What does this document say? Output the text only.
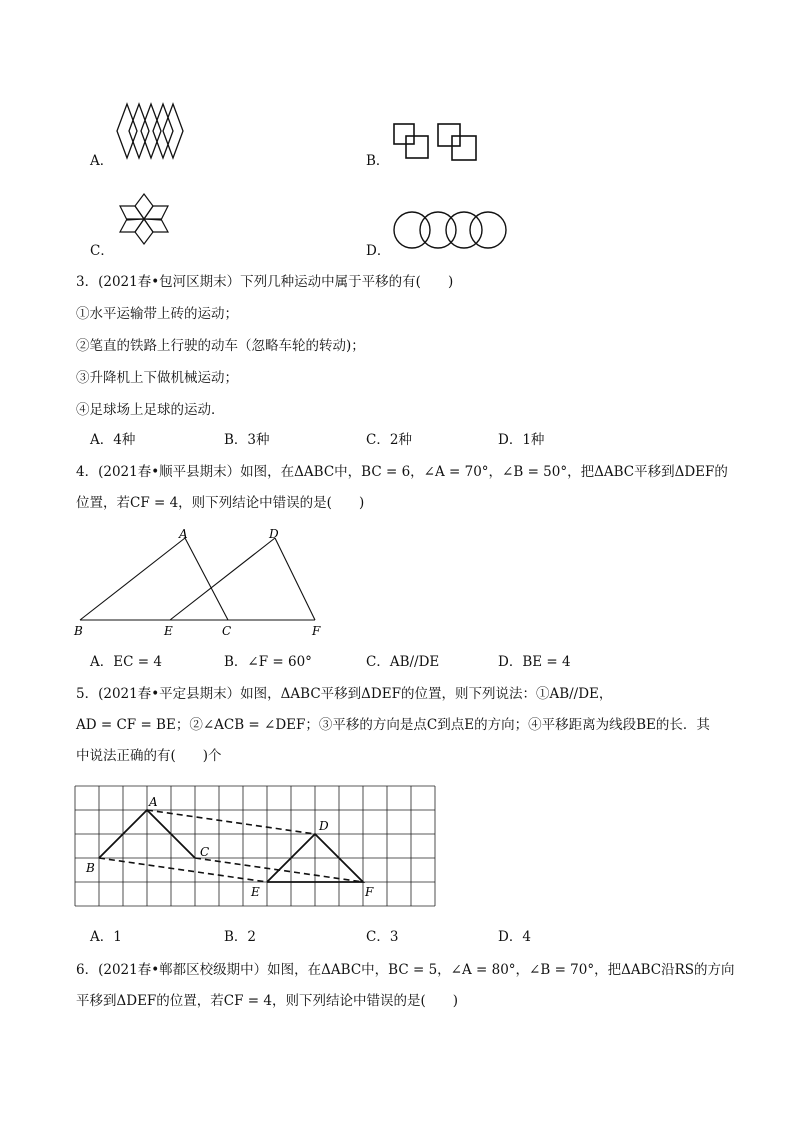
A．	B．
C．	D．
3．(2021春•包河区期末）下列几种运动中属于平移的有(　　)
①水平运输带上砖的运动；
②笔直的铁路上行驶的动车（忽略车轮的转动)；
③升降机上下做机械运动；
④足球场上足球的运动．
A．4种	B．3种	C．2种	D．1种
4．(2021春•顺平县期末）如图，在ΔABC中，BC = 6，∠A = 70°，∠B = 50°，把ΔABC平移到ΔDEF的
位置，若CF = 4，则下列结论中错误的是(　　)
A	D
B	E	C	F
A．EC = 4	B．∠F = 60°	C．AB//DE	D．BE = 4
5．(2021春•平定县期末）如图，ΔABC平移到ΔDEF的位置，则下列说法：①AB//DE，
AD = CF = BE；②∠ACB = ∠DEF；③平移的方向是点C到点E的方向；④平移距离为线段BE的长．其
中说法正确的有(　　)个
A
D
B
C
E	F
A．1	B．2	C．3	D．4
6．(2021春•郸都区校级期中）如图，在ΔABC中，BC = 5，∠A = 80°，∠B = 70°，把ΔABC沿RS的方向
平移到ΔDEF的位置，若CF = 4，则下列结论中错误的是(　　)
